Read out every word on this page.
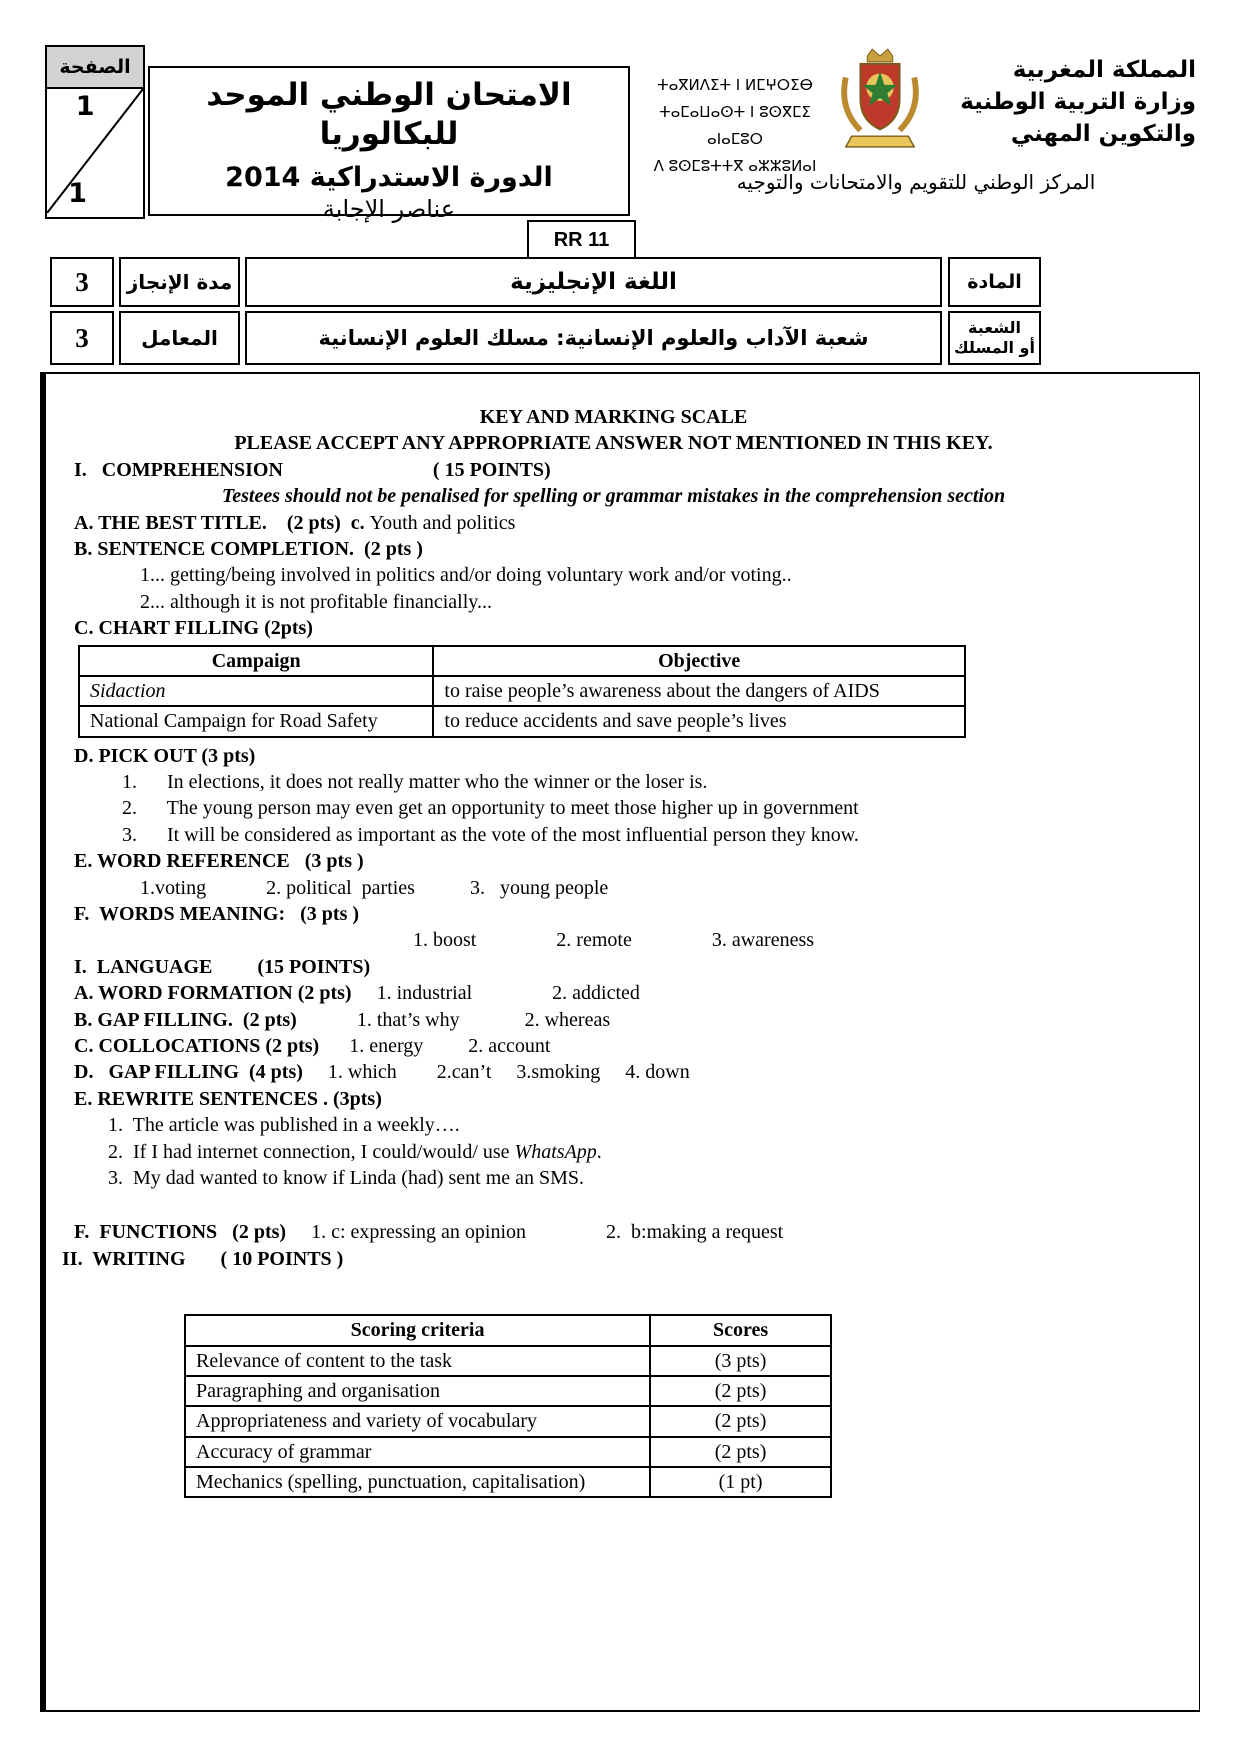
الصفحة
1
1
الامتحان الوطني الموحد للبكالوريا
الدورة الاستدراكية 2014
عناصر الإجابة
RR 11
ⵜⴰⴳⵍⴷⵉⵜ ⵏ ⵍⵎⵖⵔⵉⴱ
ⵜⴰⵎⴰⵡⴰⵙⵜ ⵏ ⵓⵙⴳⵎⵉ ⴰⵏⴰⵎⵓⵔ
ⴷ ⵓⵙⵎⵓⵜⵜⴳ ⴰⵣⵣⵓⵍⴰⵏ
المملكة المغربية
وزارة التربية الوطنية
والتكوين المهني
المركز الوطني للتقويم والامتحانات والتوجيه
3	مدة الإنجاز	اللغة الإنجليزية	المادة
3	المعامل	شعبة الآداب والعلوم الإنسانية: مسلك العلوم الإنسانية	الشعبة
أو المسلك
KEY AND MARKING SCALE
PLEASE ACCEPT ANY APPROPRIATE ANSWER NOT MENTIONED IN THIS KEY.
I.   COMPREHENSION                              ( 15 POINTS)
Testees should not be penalised for spelling or grammar mistakes in the comprehension section
A. THE BEST TITLE.    (2 pts)  c. Youth and politics
B. SENTENCE COMPLETION.  (2 pts )
1... getting/being involved in politics and/or doing voluntary work and/or voting..
2... although it is not profitable financially...
C. CHART FILLING (2pts)
Campaign	Objective
Sidaction	to raise people’s awareness about the dangers of AIDS
National Campaign for Road Safety	to reduce accidents and save people’s lives
D. PICK OUT (3 pts)
1.      In elections, it does not really matter who the winner or the loser is.
2.      The young person may even get an opportunity to meet those higher up in government
3.      It will be considered as important as the vote of the most influential person they know.
E. WORD REFERENCE   (3 pts )
1.voting            2. political  parties           3.   young people
F.  WORDS MEANING:   (3 pts )
1. boost                2. remote                3. awareness
I.  LANGUAGE         (15 POINTS)
A. WORD FORMATION (2 pts)     1. industrial                2. addicted
B. GAP FILLING.  (2 pts)            1. that’s why             2. whereas
C. COLLOCATIONS (2 pts)      1. energy         2. account
D.   GAP FILLING  (4 pts)     1. which        2.can’t     3.smoking     4. down
E. REWRITE SENTENCES . (3pts)
1.  The article was published in a weekly….
2.  If I had internet connection, I could/would/ use WhatsApp.
3.  My dad wanted to know if Linda (had) sent me an SMS.
F.  FUNCTIONS   (2 pts)     1. c: expressing an opinion                2.  b:making a request
II.  WRITING       ( 10 POINTS )
Scoring criteria	Scores
Relevance of content to the task	(3 pts)
Paragraphing and organisation	(2 pts)
Appropriateness and variety of vocabulary	(2 pts)
Accuracy of grammar	(2 pts)
Mechanics (spelling, punctuation, capitalisation)	(1 pt)
